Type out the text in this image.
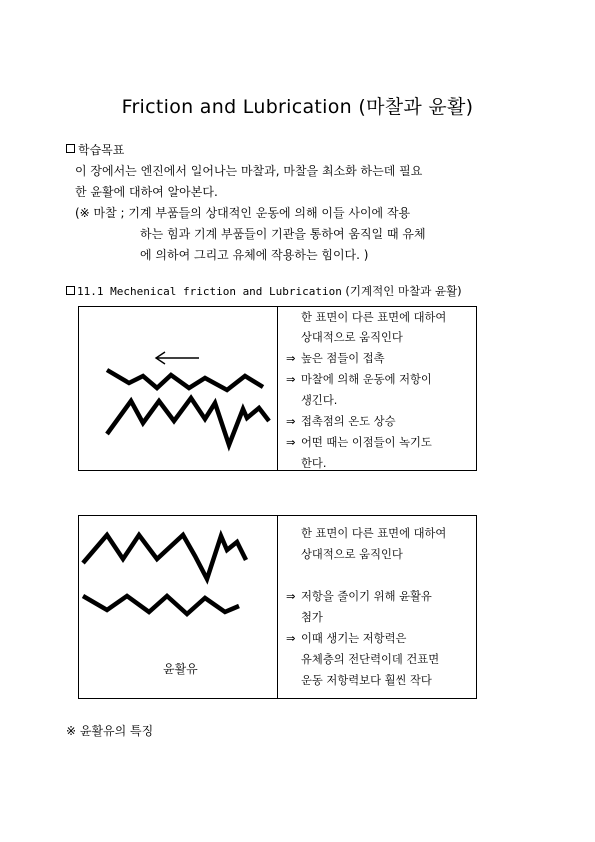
Friction and Lubrication (마찰과 윤활)
학습목표
이 장에서는 엔진에서 일어나는 마찰과, 마찰을 최소화 하는데 필요
한 윤활에 대하여 알아본다.
(※ 마찰 ; 기계 부품들의 상대적인 운동에 의해 이들 사이에 작용
하는 힘과 기계 부품들이 기관을 통하여 움직일 때 유체
에 의하여 그리고 유체에 작용하는 힘이다. )
11.1 Mechenical friction and Lubrication (기계적인 마찰과 윤활)
한 표면이 다른 표면에 대하여
상대적으로 움직인다
⇒ 높은 점들이 접촉
⇒ 마찰에 의해 운동에 저항이
생긴다.
⇒ 접촉점의 온도 상승
⇒ 어떤 때는 이점들이 녹기도
한다.
윤활유
한 표면이 다른 표면에 대하여
상대적으로 움직인다
⇒ 저항을 줄이기 위해 윤활유
첨가
⇒ 이때 생기는 저항력은
유체층의 전단력이데 건표면
운동 저항력보다 훨씬 작다
※ 윤활유의 특징
